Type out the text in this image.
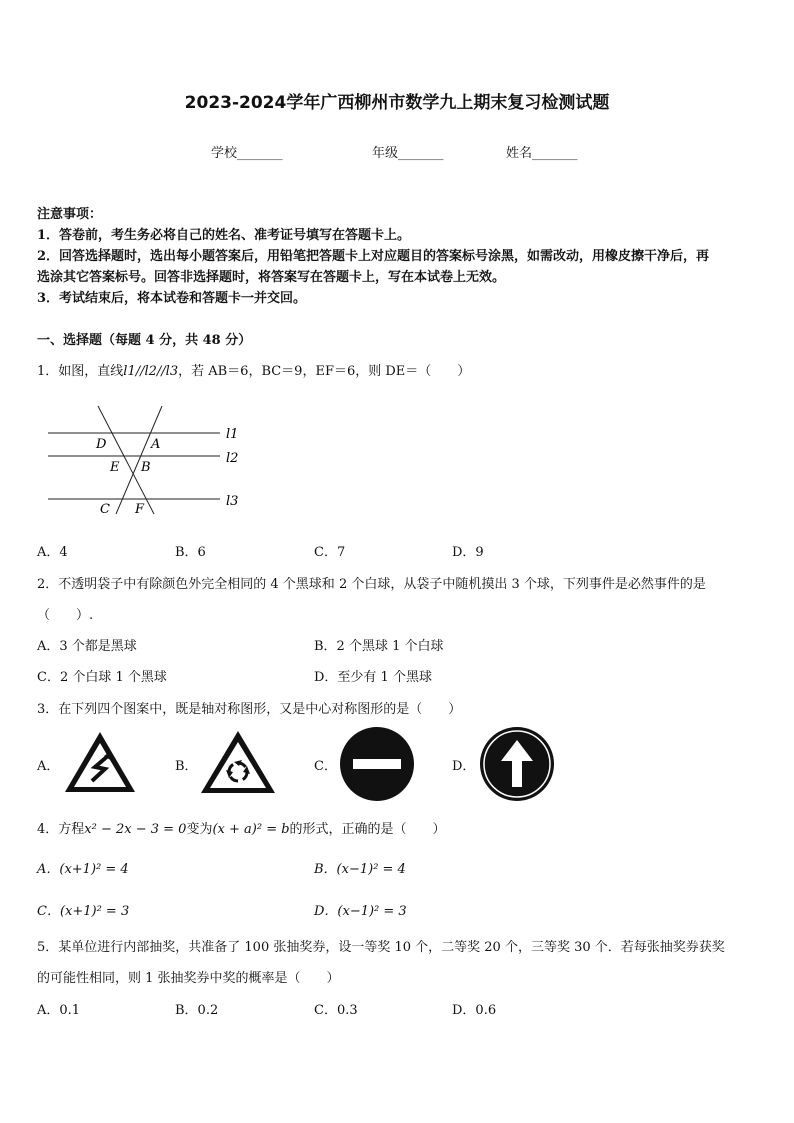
2023-2024学年广西柳州市数学九上期末复习检测试题
学校_______	年级_______	姓名_______
注意事项：
1．答卷前，考生务必将自己的姓名、准考证号填写在答题卡上。
2．回答选择题时，选出每小题答案后，用铅笔把答题卡上对应题目的答案标号涂黑，如需改动，用橡皮擦干净后，再
选涂其它答案标号。回答非选择题时，将答案写在答题卡上，写在本试卷上无效。
3．考试结束后，将本试卷和答题卡一并交回。
一、选择题（每题 4 分，共 48 分）
1．如图，直线l1//l2//l3，若 AB＝6，BC＝9，EF＝6，则 DE＝（　　）
D	A
E B
C F
l1
l2
l3
A．4	B．6	C．7	D．9
2．不透明袋子中有除颜色外完全相同的 4 个黑球和 2 个白球，从袋子中随机摸出 3 个球，下列事件是必然事件的是
（　　）.
A．3 个都是黑球	B．2 个黑球 1 个白球
C．2 个白球 1 个黑球	D．至少有 1 个黑球
3．在下列四个图案中，既是轴对称图形，又是中心对称图形的是（　　）
A．	B．	C．	D．
4．方程x² − 2x − 3 = 0变为(x + a)² = b的形式，正确的是（　　）
A．(x+1)² = 4	B．(x−1)² = 4
C．(x+1)² = 3	D．(x−1)² = 3
5．某单位进行内部抽奖，共准备了 100 张抽奖券，设一等奖 10 个，二等奖 20 个，三等奖 30 个．若每张抽奖券获奖
的可能性相同，则 1 张抽奖券中奖的概率是（　　）
A．0.1	B．0.2	C．0.3	D．0.6
